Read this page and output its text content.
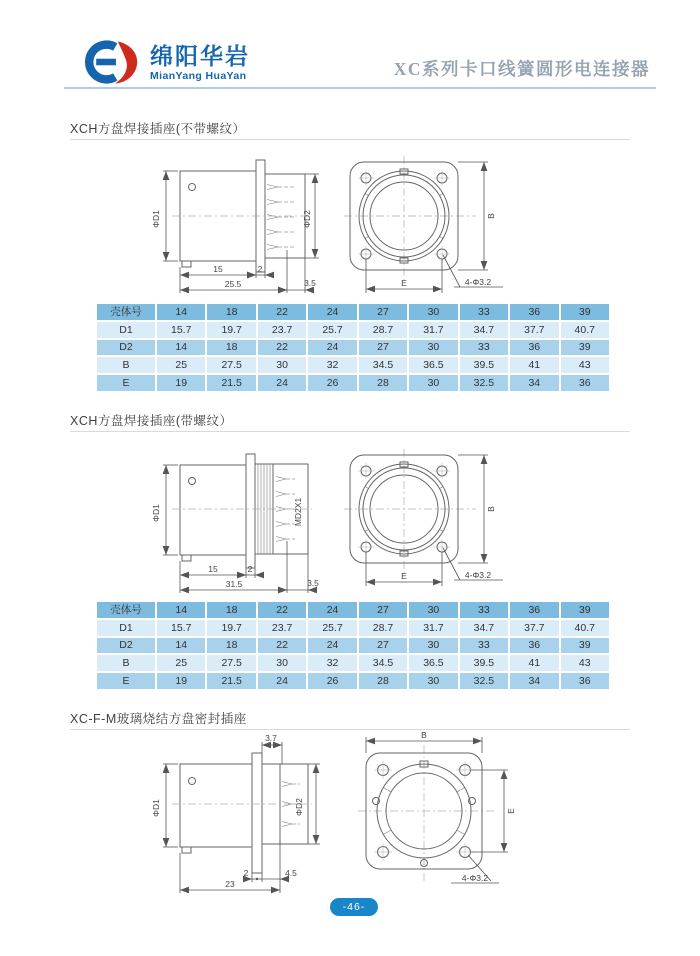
绵阳华岩
MianYang HuaYan	XC系列卡口线簧圆形电连接器
XCH方盘焊接插座(不带螺纹）
ΦD1	ΦD2
15	2
25.5	3.5
B
E	4-Φ3.2
壳体号	14	18	22	24	27	30	33	36	39
D1	15.7	19.7	23.7	25.7	28.7	31.7	34.7	37.7	40.7
D2	14	18	22	24	27	30	33	36	39
B	25	27.5	30	32	34.5	36.5	39.5	41	43
E	19	21.5	24	26	28	30	32.5	34	36
XCH方盘焊接插座(带螺纹）
ΦD1	MD2X1
15	2
31.5	3.5
B
E	4-Φ3.2
壳体号	14	18	22	24	27	30	33	36	39
D1	15.7	19.7	23.7	25.7	28.7	31.7	34.7	37.7	40.7
D2	14	18	22	24	27	30	33	36	39
B	25	27.5	30	32	34.5	36.5	39.5	41	43
E	19	21.5	24	26	28	30	32.5	34	36
XC-F-M玻璃烧结方盘密封插座
3.7
ΦD1	ΦD2
2	4.5
23
B
E
4-Φ3.2
-46-
